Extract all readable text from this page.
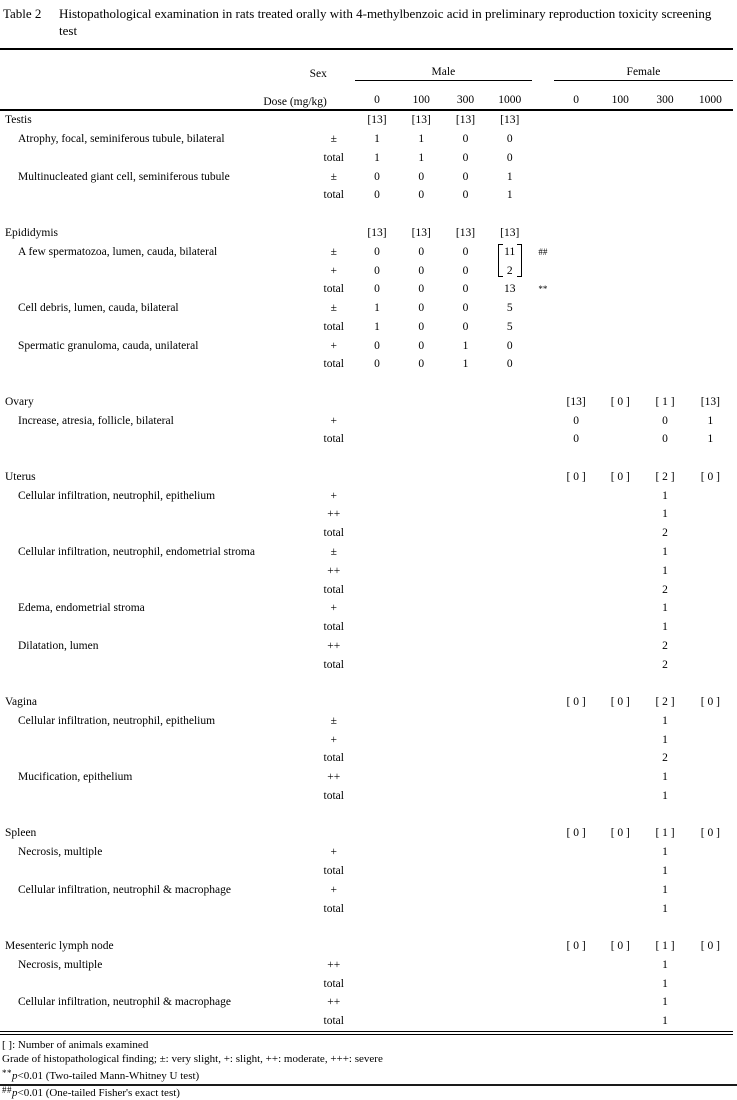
Table 2	Histopathological examination in rats treated orally with 4-methylbenzoic acid in preliminary reproduction toxicity screening test
Sex		Male					Female			
Dose (mg/kg)		0	100	300	1000		0	100	300	1000
Testis		[13]	[13]	[13]	[13]					
Atrophy, focal, seminiferous tubule, bilateral	±	1	1	0	0					
	total	1	1	0	0					
Multinucleated giant cell, seminiferous tubule	±	0	0	0	1					
	total	0	0	0	1					

Epididymis		[13]	[13]	[13]	[13]					
A few spermatozoa, lumen, cauda, bilateral	±	0	0	0	11	##				
	+	0	0	0	2					
	total	0	0	0	13	**				
Cell debris, lumen, cauda, bilateral	±	1	0	0	5					
	total	1	0	0	5					
Spermatic granuloma, cauda, unilateral	+	0	0	1	0					
	total	0	0	1	0					

Ovary							[13]	[ 0 ]	[ 1 ]	[13]
Increase, atresia, follicle, bilateral	+						0		0	1
	total						0		0	1

Uterus							[ 0 ]	[ 0 ]	[ 2 ]	[ 0 ]
Cellular infiltration, neutrophil, epithelium	+								1	
	++								1	
	total								2	
Cellular infiltration, neutrophil, endometrial stroma	±								1	
	++								1	
	total								2	
Edema, endometrial stroma	+								1	
	total								1	
Dilatation, lumen	++								2	
	total								2	

Vagina							[ 0 ]	[ 0 ]	[ 2 ]	[ 0 ]
Cellular infiltration, neutrophil, epithelium	±								1	
	+								1	
	total								2	
Mucification, epithelium	++								1	
	total								1	

Spleen							[ 0 ]	[ 0 ]	[ 1 ]	[ 0 ]
Necrosis, multiple	+								1	
	total								1	
Cellular infiltration, neutrophil & macrophage	+								1	
	total								1	

Mesenteric lymph node							[ 0 ]	[ 0 ]	[ 1 ]	[ 0 ]
Necrosis, multiple	++								1	
	total								1	
Cellular infiltration, neutrophil & macrophage	++								1	
	total								1	
[ ]: Number of animals examined
Grade of histopathological finding; ±: very slight, +: slight, ++: moderate, +++: severe
**p<0.01 (Two-tailed Mann-Whitney U test)
##p<0.01 (One-tailed Fisher's exact test)
